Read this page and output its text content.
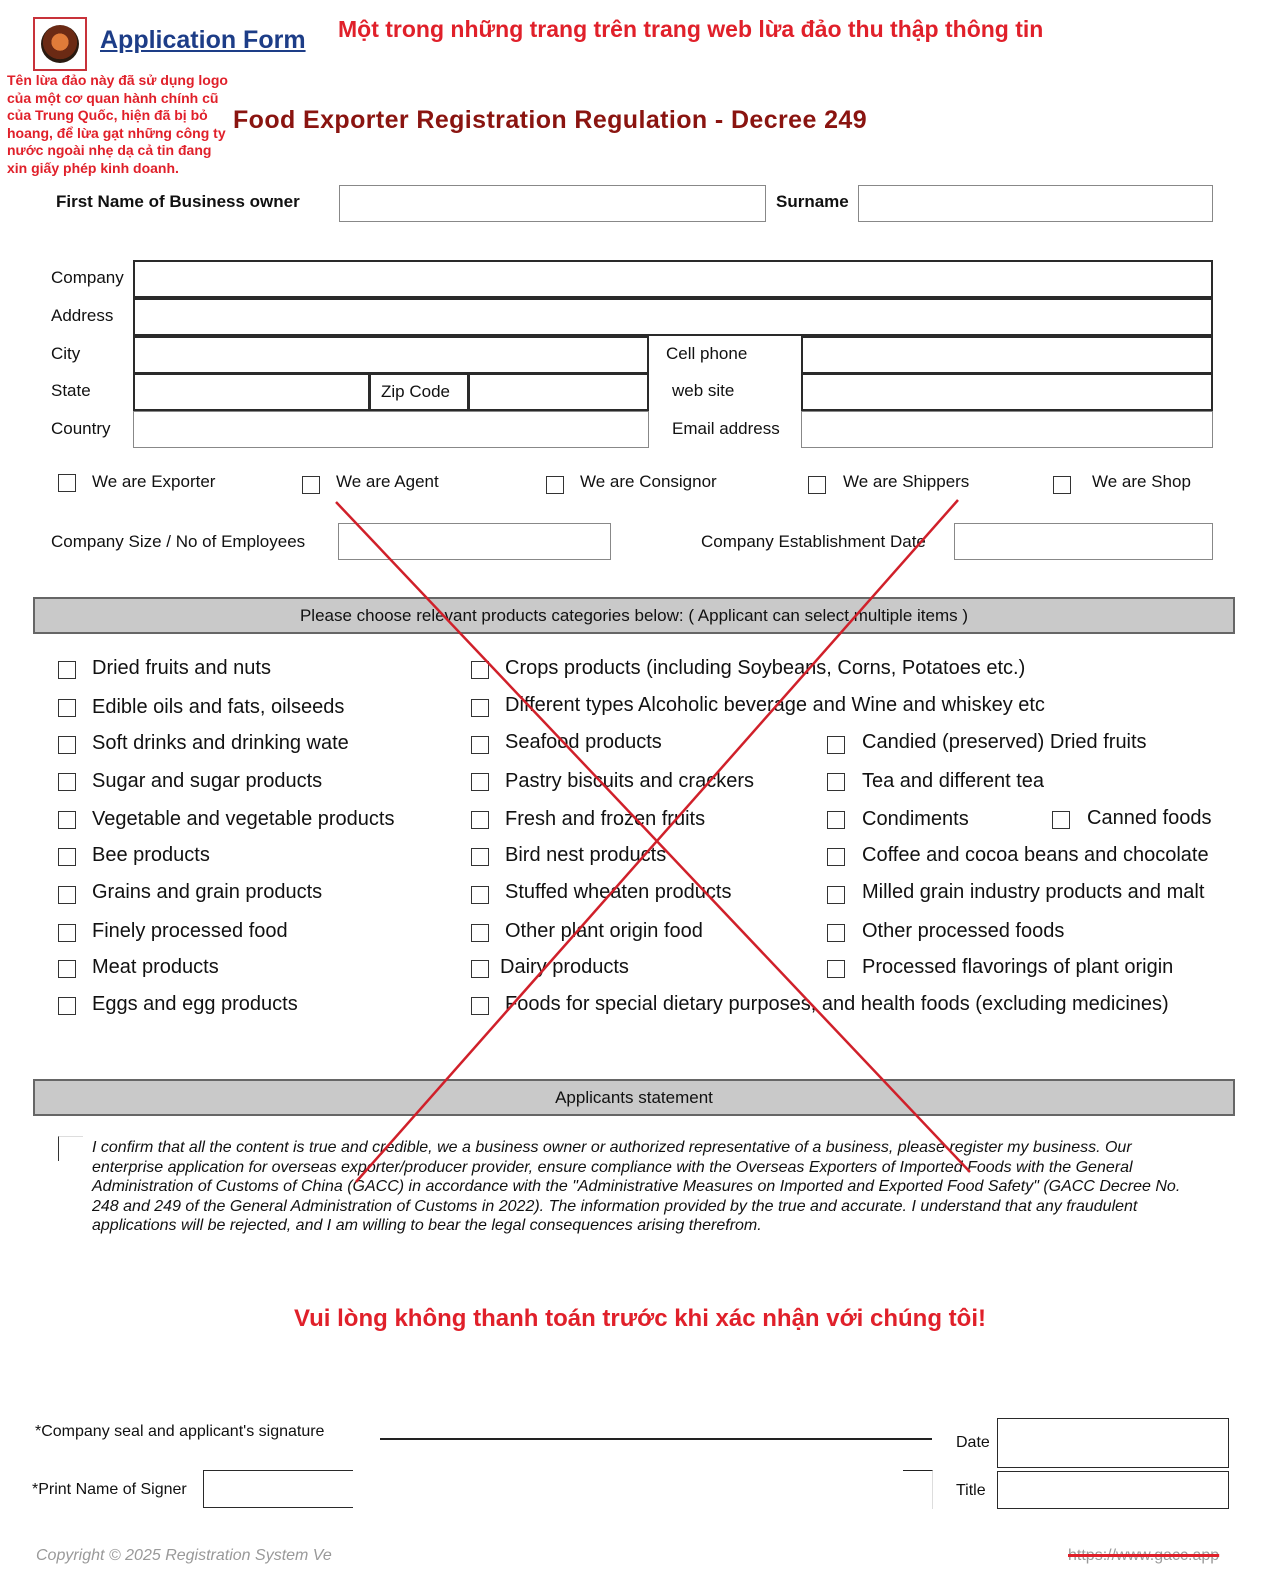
Application Form Một trong những trang trên trang web lừa đảo thu thập thông tin
Tên lừa đảo này đã sử dụng logo của một cơ quan hành chính cũ của Trung Quốc, hiện đã bị bỏ hoang, để lừa gạt những công ty nước ngoài nhẹ dạ cả tin đang xin giấy phép kinh doanh.
Food Exporter Registration Regulation - Decree 249
First Name of Business owner	Surname
Company
Address
City	Cell phone
State	Zip Code	web site
Country	Email address
We are Exporter	We are Agent	We are Consignor	We are Shippers	We are Shop
Company Size / No of Employees	Company Establishment Date
Please choose relevant products categories below: ( Applicant can select multiple items )
Dried fruits and nuts
Edible oils and fats, oilseeds
Soft drinks and drinking wate
Sugar and sugar products
Vegetable and vegetable products
Bee products
Grains and grain products
Finely processed food
Meat products
Eggs and egg products
Crops products (including Soybeans, Corns, Potatoes etc.)
Different types Alcoholic beverage and Wine and whiskey etc
Seafood products
Pastry biscuits and crackers
Fresh and frozen fruits
Bird nest products
Stuffed wheaten products
Other plant origin food
Dairy products
Foods for special dietary purposes, and health foods (excluding medicines)
Candied (preserved) Dried fruits
Tea and different tea
Condiments	Canned foods
Coffee and cocoa beans and chocolate
Milled grain industry products and malt
Other processed foods
Processed flavorings of plant origin
Applicants statement
I confirm that all the content is true and credible, we a business owner or authorized representative of a business, please register my business. Our enterprise application for overseas exporter/producer provider, ensure compliance with the Overseas Exporters of Imported Foods with the General Administration of Customs of China (GACC) in accordance with the "Administrative Measures on Imported and Exported Food Safety" (GACC Decree No. 248 and 249 of the General Administration of Customs in 2022). The information provided by the true and accurate. I understand that any fraudulent applications will be rejected, and I am willing to bear the legal consequences arising therefrom.
Vui lòng không thanh toán trước khi xác nhận với chúng tôi!
*Company seal and applicant's signature
Date
*Print Name of Signer	Title
Copyright © 2025 Registration System Ve	https://www.gacc.app
